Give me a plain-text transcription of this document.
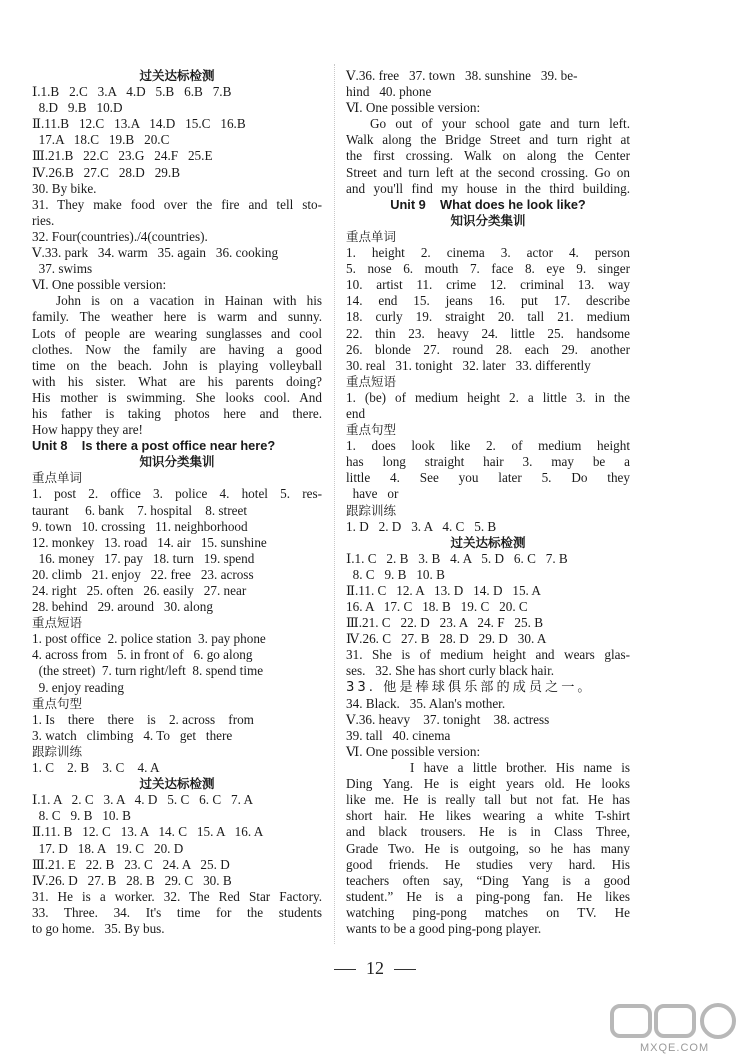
过关达标检测
Ⅰ.1.B   2.C   3.A   4.D   5.B   6.B   7.B
8.D   9.B   10.D
Ⅱ.11.B   12.C   13.A   14.D   15.C   16.B
17.A   18.C   19.B   20.C
Ⅲ.21.B   22.C   23.G   24.F   25.E
Ⅳ.26.B   27.C   28.D   29.B
30. By bike.
31. They make food over the fire and tell sto-
ries.
32. Four(countries)./4(countries).
Ⅴ.33. park   34. warm   35. again   36. cooking
37. swims
Ⅵ. One possible version:
John is on a vacation in Hainan with his
family. The weather here is warm and sunny.
Lots of people are wearing sunglasses and cool
clothes. Now the family are having a good
time on the beach. John is playing volleyball
with his sister. What are his parents doing?
His mother is swimming. She looks cool. And
his father is taking photos here and there.
How happy they are!
Unit 8    Is there a post office near here?
知识分类集训
重点单词
1. post 2. office 3. police 4. hotel 5. res-
taurant     6. bank    7. hospital    8. street
9. town   10. crossing   11. neighborhood
12. monkey   13. road   14. air   15. sunshine
16. money   17. pay   18. turn   19. spend
20. climb   21. enjoy   22. free   23. across
24. right   25. often   26. easily   27. near
28. behind   29. around   30. along
重点短语
1. post office  2. police station  3. pay phone
4. across from   5. in front of   6. go along
(the street)  7. turn right/left  8. spend time
9. enjoy reading
重点句型
1. Is    there    there    is    2. across    from
3. watch   climbing   4. To   get   there
跟踪训练
1. C    2. B    3. C    4. A
过关达标检测
Ⅰ.1. A   2. C   3. A   4. D   5. C   6. C   7. A
8. C   9. B   10. B
Ⅱ.11. B   12. C   13. A   14. C   15. A   16. A
17. D   18. A   19. C   20. D
Ⅲ.21. E   22. B   23. C   24. A   25. D
Ⅳ.26. D   27. B   28. B   29. C   30. B
31. He is a worker. 32. The Red Star Factory.
33. Three. 34. It's time for the students
to go home.   35. By bus.
Ⅴ.36. free   37. town   38. sunshine   39. be-
hind   40. phone
Ⅵ. One possible version:
Go out of your school gate and turn left.
Walk along the Bridge Street and turn right at
the first crossing. Walk on along the Center
Street and turn left at the second crossing. Go on
and you'll find my house in the third building.
Unit 9    What does he look like?
知识分类集训
重点单词
1. height 2. cinema 3. actor 4. person
5. nose 6. mouth 7. face 8. eye 9. singer
10. artist 11. crime 12. criminal 13. way
14. end 15. jeans 16. put 17. describe
18. curly 19. straight 20. tall 21. medium
22. thin 23. heavy 24. little 25. handsome
26. blonde 27. round 28. each 29. another
30. real   31. tonight   32. later   33. differently
重点短语
1. (be) of medium height 2. a little 3. in the
end
重点句型
1. does look like 2. of medium height
has long straight hair 3. may be a
little 4. See you later 5. Do they
have   or
跟踪训练
1. D   2. D   3. A   4. C   5. B
过关达标检测
Ⅰ.1. C   2. B   3. B   4. A   5. D   6. C   7. B
8. C   9. B   10. B
Ⅱ.11. C   12. A   13. D   14. D   15. A
16. A   17. C   18. B   19. C   20. C
Ⅲ.21. C   22. D   23. A   24. F   25. B
Ⅳ.26. C   27. B   28. D   29. D   30. A
31. She is of medium height and wears glas-
ses.   32. She has short curly black hair.
33. 他是棒球俱乐部的成员之一。
34. Black.   35. Alan's mother.
Ⅴ.36. heavy    37. tonight    38. actress
39. tall   40. cinema
Ⅵ. One possible version:
I have a little brother. His name is
Ding Yang. He is eight years old. He looks
like me. He is really tall but not fat. He has
short hair. He likes wearing a white T-shirt
and black trousers. He is in Class Three,
Grade Two. He is outgoing, so he has many
good friends. He studies very hard. His
teachers often say, “Ding Yang is a good
student.” He is a ping-pong fan. He likes
watching ping-pong matches on TV. He
wants to be a good ping-pong player.
12
MXQE.COM
